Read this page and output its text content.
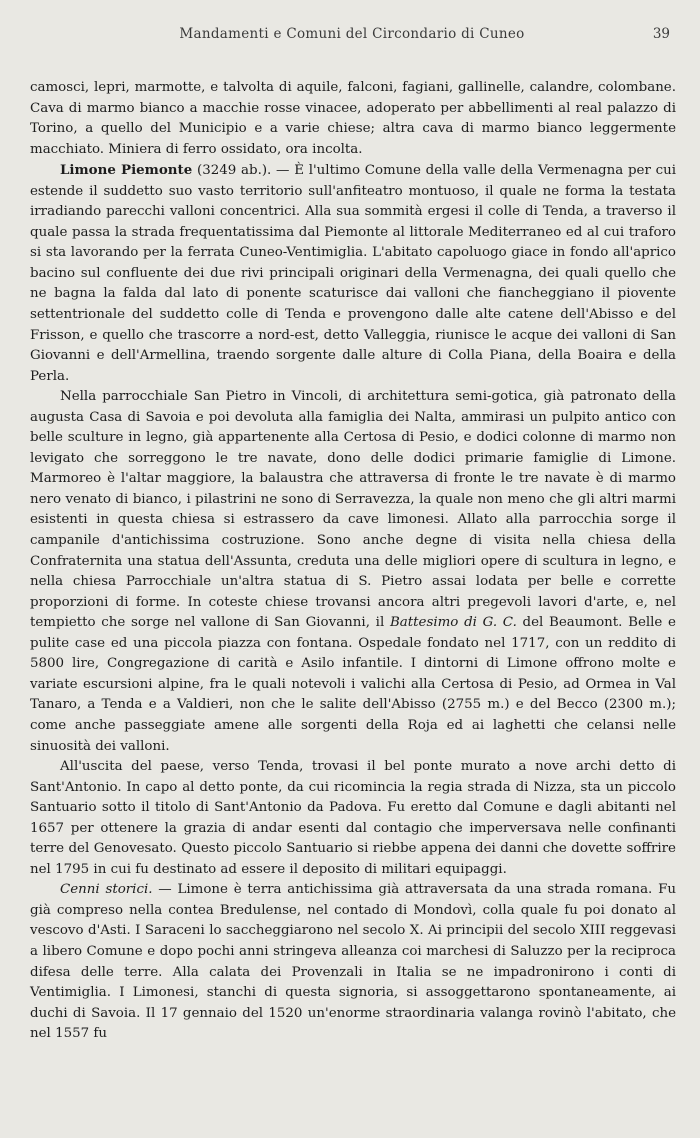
Mandamenti e Comuni del Circondario di Cuneo	39

camosci, lepri, marmotte, e talvolta di aquile, falconi, fagiani, gallinelle, calandre, colombane. Cava di marmo bianco a macchie rosse vinacee, adoperato per abbellimenti al real palazzo di Torino, a quello del Municipio e a varie chiese; altra cava di marmo bianco leggermente macchiato. Miniera di ferro ossidato, ora incolta.

Limone Piemonte (3249 ab.). — È l'ultimo Comune della valle della Vermenagna per cui estende il suddetto suo vasto territorio sull'anfiteatro montuoso, il quale ne forma la testata irradiando parecchi valloni concentrici. Alla sua sommità ergesi il colle di Tenda, a traverso il quale passa la strada frequentatissima dal Piemonte al littorale Mediterraneo ed al cui traforo si sta lavorando per la ferrata Cuneo-Ventimiglia. L'abitato capoluogo giace in fondo all'aprico bacino sul confluente dei due rivi principali originari della Vermenagna, dei quali quello che ne bagna la falda dal lato di ponente scaturisce dai valloni che fiancheggiano il piovente settentrionale del suddetto colle di Tenda e provengono dalle alte catene dell'Abisso e del Frisson, e quello che trascorre a nord-est, detto Valleggia, riunisce le acque dei valloni di San Giovanni e dell'Armellina, traendo sorgente dalle alture di Colla Piana, della Boaira e della Perla.

Nella parrocchiale San Pietro in Vincoli, di architettura semi-gotica, già patronato della augusta Casa di Savoia e poi devoluta alla famiglia dei Nalta, ammirasi un pulpito antico con belle sculture in legno, già appartenente alla Certosa di Pesio, e dodici colonne di marmo non levigato che sorreggono le tre navate, dono delle dodici primarie famiglie di Limone. Marmoreo è l'altar maggiore, la balaustra che attraversa di fronte le tre navate è di marmo nero venato di bianco, i pilastrini ne sono di Serravezza, la quale non meno che gli altri marmi esistenti in questa chiesa si estrassero da cave limonesi. Allato alla parrocchia sorge il campanile d'antichissima costruzione. Sono anche degne di visita nella chiesa della Confraternita una statua dell'Assunta, creduta una delle migliori opere di scultura in legno, e nella chiesa Parrocchiale un'altra statua di S. Pietro assai lodata per belle e corrette proporzioni di forme. In coteste chiese trovansi ancora altri pregevoli lavori d'arte, e, nel tempietto che sorge nel vallone di San Giovanni, il Battesimo di G. C. del Beaumont. Belle e pulite case ed una piccola piazza con fontana. Ospedale fondato nel 1717, con un reddito di 5800 lire, Congregazione di carità e Asilo infantile. I dintorni di Limone offrono molte e variate escursioni alpine, fra le quali notevoli i valichi alla Certosa di Pesio, ad Ormea in Val Tanaro, a Tenda e a Valdieri, non che le salite dell'Abisso (2755 m.) e del Becco (2300 m.); come anche passeggiate amene alle sorgenti della Roja ed ai laghetti che celansi nelle sinuosità dei valloni.

All'uscita del paese, verso Tenda, trovasi il bel ponte murato a nove archi detto di Sant'Antonio. In capo al detto ponte, da cui ricomincia la regia strada di Nizza, sta un piccolo Santuario sotto il titolo di Sant'Antonio da Padova. Fu eretto dal Comune e dagli abitanti nel 1657 per ottenere la grazia di andar esenti dal contagio che imperversava nelle confinanti terre del Genovesato. Questo piccolo Santuario si riebbe appena dei danni che dovette soffrire nel 1795 in cui fu destinato ad essere il deposito di militari equipaggi.

Cenni storici. — Limone è terra antichissima già attraversata da una strada romana. Fu già compreso nella contea Bredulense, nel contado di Mondovì, colla quale fu poi donato al vescovo d'Asti. I Saraceni lo saccheggiarono nel secolo X. Ai principii del secolo XIII reggevasi a libero Comune e dopo pochi anni stringeva alleanza coi marchesi di Saluzzo per la reciproca difesa delle terre. Alla calata dei Provenzali in Italia se ne impadronirono i conti di Ventimiglia. I Limonesi, stanchi di questa signoria, si assoggettarono spontaneamente, ai duchi di Savoia. Il 17 gennaio del 1520 un'enorme straordinaria valanga rovinò l'abitato, che nel 1557 fu
